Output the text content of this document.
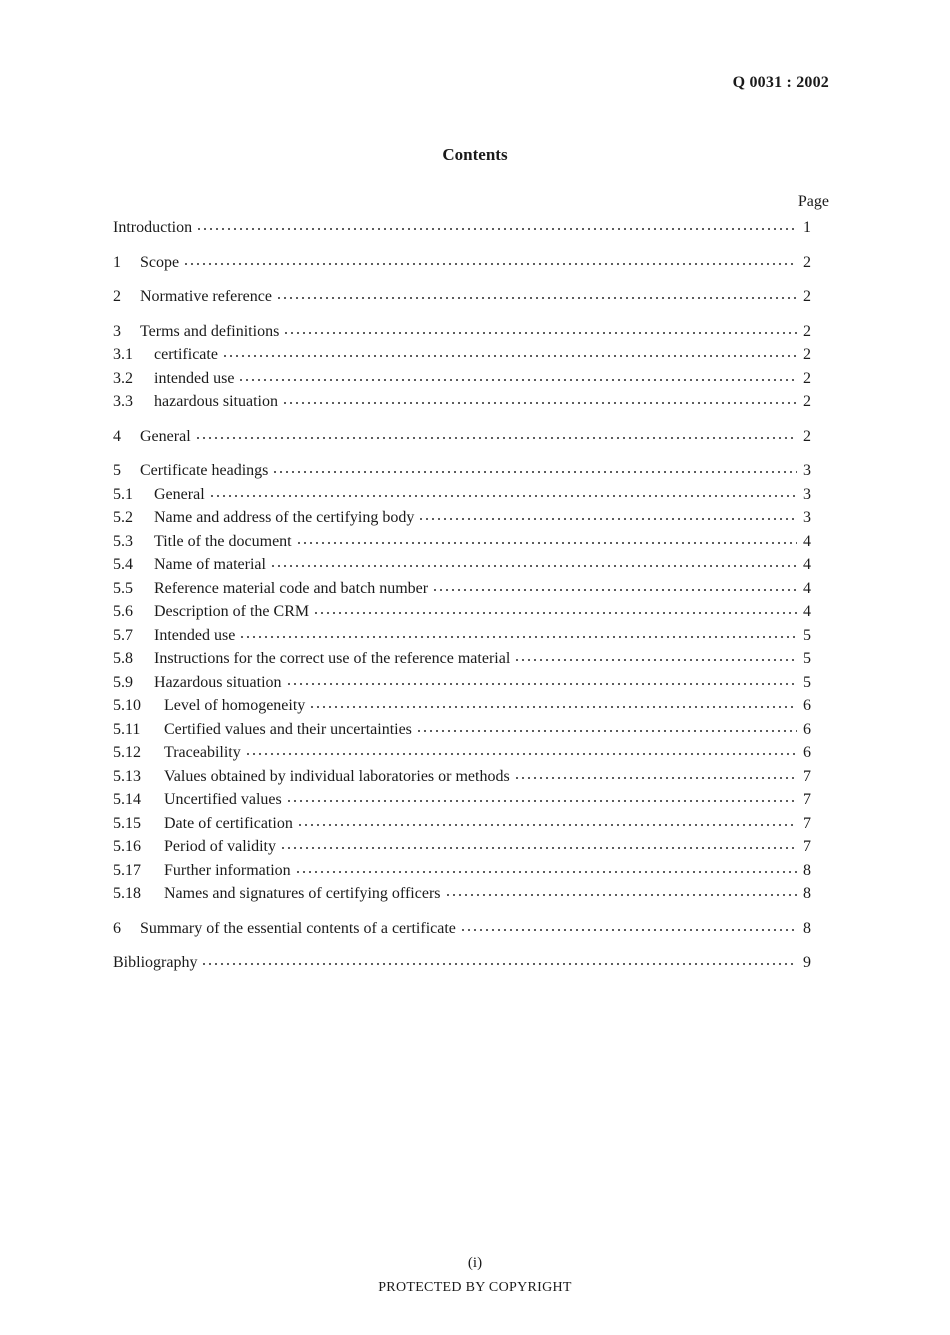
Q 0031 : 2002
Contents
Page
Introduction	1
1	Scope	2
2	Normative reference	2
3	Terms and definitions	2
3.1	certificate	2
3.2	intended use	2
3.3	hazardous situation	2
4	General	2
5	Certificate headings	3
5.1	General	3
5.2	Name and address of the certifying body	3
5.3	Title of the document	4
5.4	Name of material	4
5.5	Reference material code and batch number	4
5.6	Description of the CRM	4
5.7	Intended use	5
5.8	Instructions for the correct use of the reference material	5
5.9	Hazardous situation	5
5.10	Level of homogeneity	6
5.11	Certified values and their uncertainties	6
5.12	Traceability	6
5.13	Values obtained by individual laboratories or methods	7
5.14	Uncertified values	7
5.15	Date of certification	7
5.16	Period of validity	7
5.17	Further information	8
5.18	Names and signatures of certifying officers	8
6	Summary of the essential contents of a certificate	8
Bibliography	9
(i)
PROTECTED BY COPYRIGHT
